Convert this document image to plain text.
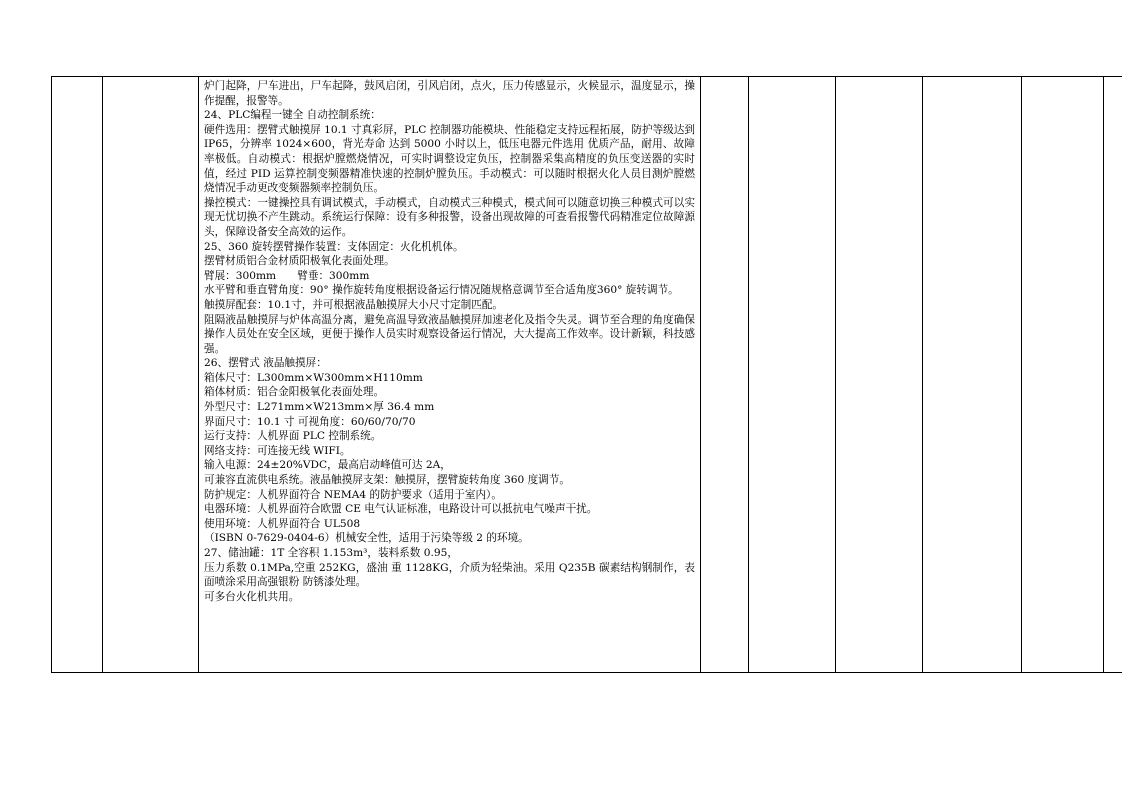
炉门起降，尸车进出，尸车起降，鼓风启闭，引风启闭，点火，压力传感显示，火候显示，温度显示，操作提醒，报警等。

24、PLC编程一键全 自动控制系统：

硬件选用：摆臂式触摸屏 10.1 寸真彩屏，PLC 控制器功能模块、性能稳定支持远程拓展，防护等级达到 IP65，分辨率 1024×600，背光寿命 达到 5000 小时以上，低压电器元件选用 优质产品，耐用、故障率极低。自动模式：根据炉膛燃烧情况，可实时调整设定负压，控制器采集高精度的负压变送器的实时值，经过 PID 运算控制变频器精准快速的控制炉膛负压。手动模式：可以随时根据火化人员目测炉膛燃烧情况手动更改变频器频率控制负压。

操控模式：一键操控具有调试模式，手动模式，自动模式三种模式，模式间可以随意切换三种模式可以实现无忧切换不产生跳动。系统运行保障：设有多种报警，设备出现故障的可查看报警代码精准定位故障源头，保障设备安全高效的运作。

25、360 旋转摆臂操作装置：支体固定：火化机机体。

摆臂材质铝合金材质阳极氧化表面处理。

臂展：300mm　　臂垂：300mm

水平臂和垂直臂角度：90° 操作旋转角度根据设备运行情况随规格意调节至合适角度360° 旋转调节。

触摸屏配套：10.1寸，并可根据液晶触摸屏大小尺寸定制匹配。

阻隔液晶触摸屏与炉体高温分离，避免高温导致液晶触摸屏加速老化及指令失灵。调节至合理的角度确保操作人员处在安全区域，更便于操作人员实时观察设备运行情况，大大提高工作效率。设计新颖，科技感强。

26、摆臂式 液晶触摸屏：

箱体尺寸：L300mm×W300mm×H110mm

箱体材质：铝合金阳极氧化表面处理。

外型尺寸：L271mm×W213mm×厚 36.4 mm

界面尺寸：10.1 寸 可视角度：60/60/70/70

运行支持：人机界面 PLC 控制系统。

网络支持：可连接无线 WIFI。

输入电源：24±20%VDC，最高启动峰值可达 2A，

可兼容直流供电系统。液晶触摸屏支架：触摸屏，摆臂旋转角度 360 度调节。

防护规定：人机界面符合 NEMA4 的防护要求（适用于室内）。

电器环境：人机界面符合欧盟 CE 电气认证标准，电路设计可以抵抗电气噪声干扰。

使用环境：人机界面符合 UL508

（ISBN 0-7629-0404-6）机械安全性，适用于污染等级 2 的环境。

27、储油罐：1T 全容积 1.153m³，装料系数 0.95，

压力系数 0.1MPa,空重 252KG，盛油 重 1128KG，介质为轻柴油。采用 Q235B 碳素结构钢制作，表面喷涂采用高强银粉 防锈漆处理。

可多台火化机共用。
